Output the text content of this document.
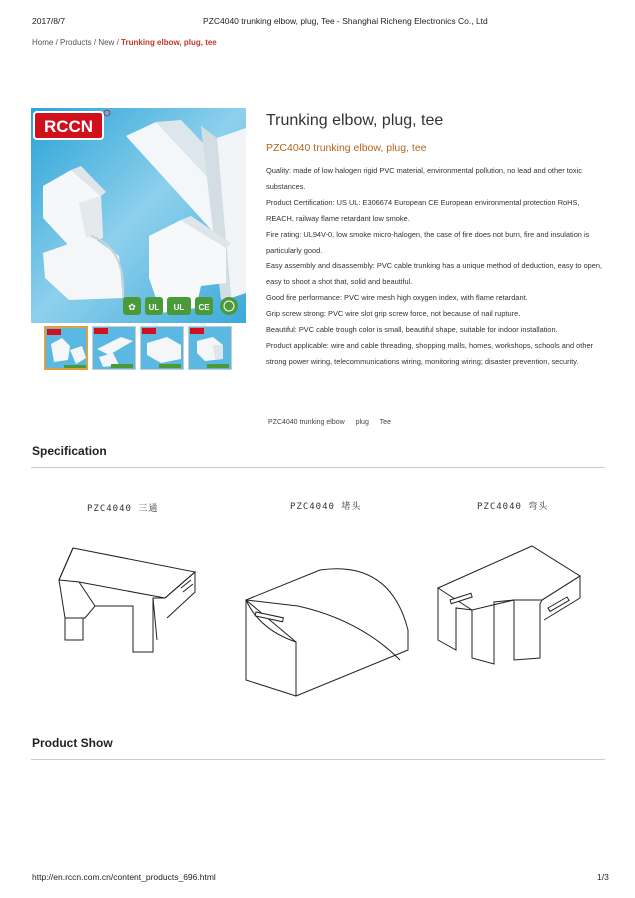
2017/8/7	PZC4040 trunking elbow, plug, Tee - Shanghai Richeng Electronics Co., Ltd
Home / Products / New / Trunking elbow, plug, tee
RCCN
✿ UL UL CE
Trunking elbow, plug, tee
PZC4040 trunking elbow, plug, tee

Quality: made of low halogen rigid PVC material, environmental pollution, no lead and other toxic substances.

Product Certification: US UL: E306674 European CE European environmental protection RoHS, REACH, railway flame retardant low smoke.

Fire rating: UL94V-0, low smoke micro-halogen, the case of fire does not burn, fire and insulation is particularly good.

Easy assembly and disassembly: PVC cable trunking has a unique method of deduction, easy to open, easy to shoot a shot that, solid and beautiful.

Good fire performance: PVC wire mesh high oxygen index, with flame retardant.

Grip screw strong: PVC wire slot grip screw force, not because of nail rupture.

Beautiful: PVC cable trough color is small, beautiful shape, suitable for indoor installation.

Product applicable: wire and cable threading, shopping malls, homes, workshops, schools and other strong power wiring, telecommunications wiring, monitoring wiring; disaster prevention, security.

PZC4040 trunking elbow plug Tee
Specification
PZC4040 三通	PZC4040 堵头	PZC4040 弯头
Product Show
http://en.rccn.com.cn/content_products_696.html	1/3
